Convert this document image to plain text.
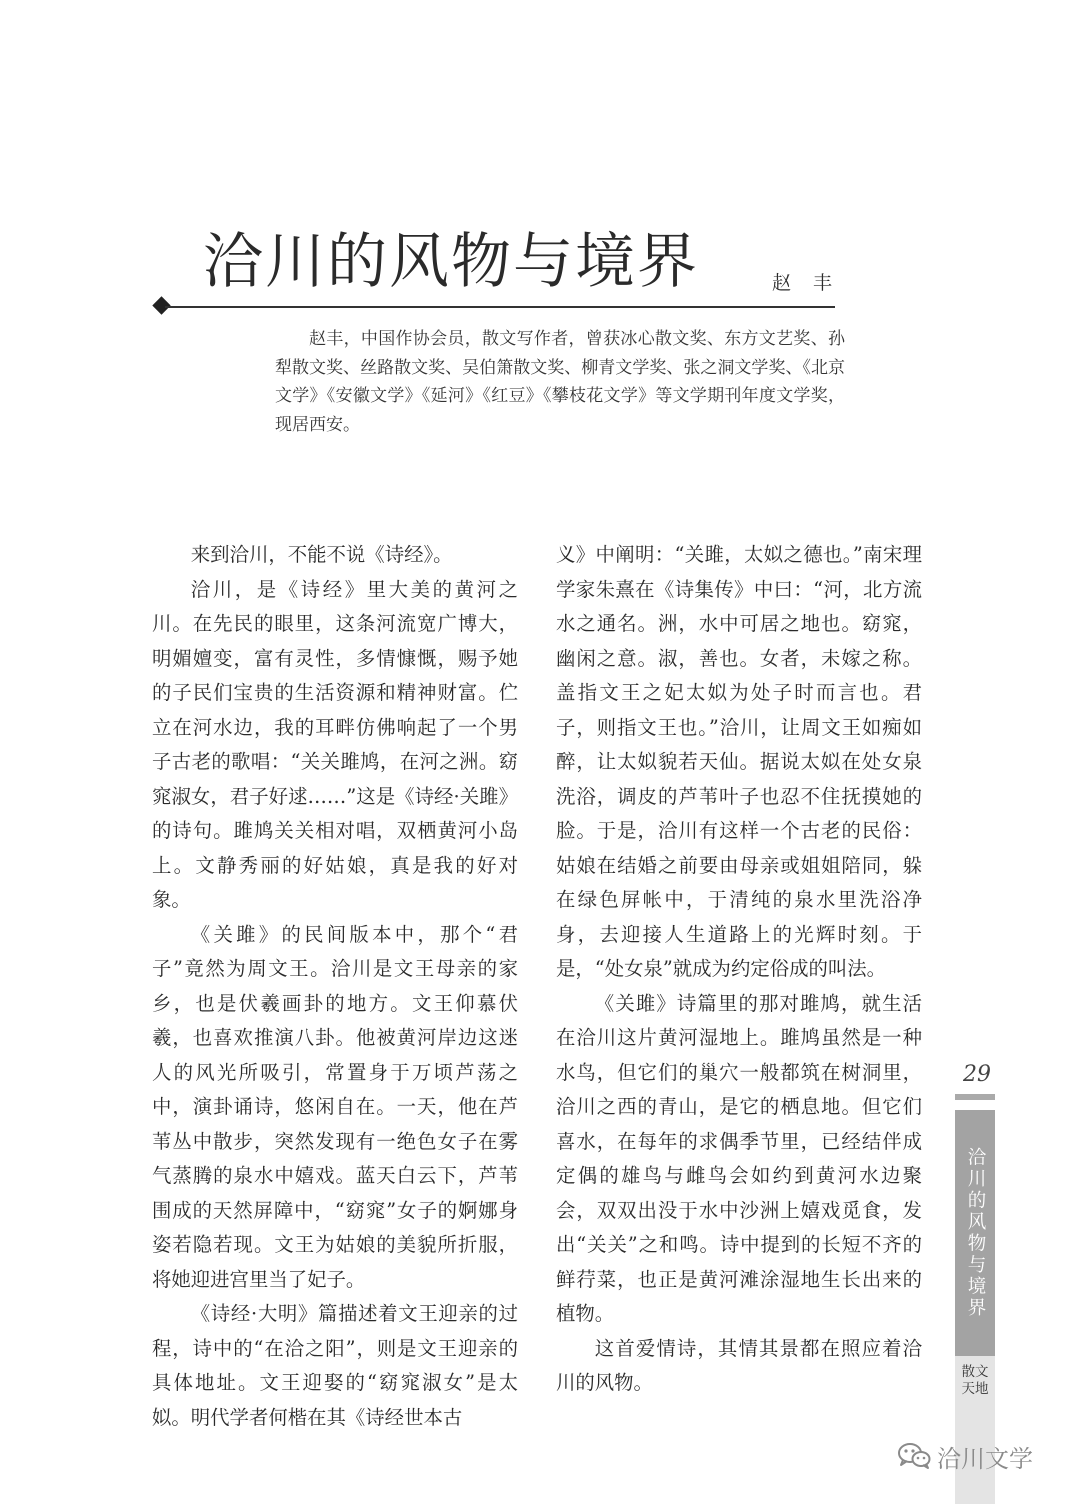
洽川的风物与境界	赵丰

赵丰，中国作协会员，散文写作者，曾获冰心散文奖、东方文艺奖、孙犁散文奖、丝路散文奖、吴伯箫散文奖、柳青文学奖、张之洞文学奖、《北京文学》《安徽文学》《延河》《红豆》《攀枝花文学》等文学期刊年度文学奖，现居西安。

来到洽川，不能不说《诗经》。

洽川，是《诗经》里大美的黄河之川。在先民的眼里，这条河流宽广博大，明媚嬗变，富有灵性，多情慷慨，赐予她的子民们宝贵的生活资源和精神财富。伫立在河水边，我的耳畔仿佛响起了一个男子古老的歌唱：“关关雎鸠，在河之洲。窈窕淑女，君子好逑……”这是《诗经·关雎》的诗句。雎鸠关关相对唱，双栖黄河小岛上。文静秀丽的好姑娘，真是我的好对象。

《关雎》的民间版本中，那个“君子”竟然为周文王。洽川是文王母亲的家乡，也是伏羲画卦的地方。文王仰慕伏羲，也喜欢推演八卦。他被黄河岸边这迷人的风光所吸引，常置身于万顷芦荡之中，演卦诵诗，悠闲自在。一天，他在芦苇丛中散步，突然发现有一绝色女子在雾气蒸腾的泉水中嬉戏。蓝天白云下，芦苇围成的天然屏障中，“窈窕”女子的婀娜身姿若隐若现。文王为姑娘的美貌所折服，将她迎进宫里当了妃子。

《诗经·大明》篇描述着文王迎亲的过程，诗中的“在洽之阳”，则是文王迎亲的具体地址。文王迎娶的“窈窕淑女”是太姒。明代学者何楷在其《诗经世本古

义》中阐明：“关雎，太姒之德也。”南宋理学家朱熹在《诗集传》中曰：“河，北方流水之通名。洲，水中可居之地也。窈窕，幽闲之意。淑，善也。女者，未嫁之称。盖指文王之妃太姒为处子时而言也。君子，则指文王也。”洽川，让周文王如痴如醉，让太姒貌若天仙。据说太姒在处女泉洗浴，调皮的芦苇叶子也忍不住抚摸她的脸。于是，洽川有这样一个古老的民俗：姑娘在结婚之前要由母亲或姐姐陪同，躲在绿色屏帐中，于清纯的泉水里洗浴净身，去迎接人生道路上的光辉时刻。于是，“处女泉”就成为约定俗成的叫法。

《关雎》诗篇里的那对雎鸠，就生活在洽川这片黄河湿地上。雎鸠虽然是一种水鸟，但它们的巢穴一般都筑在树洞里，洽川之西的青山，是它的栖息地。但它们喜水，在每年的求偶季节里，已经结伴成定偶的雄鸟与雌鸟会如约到黄河水边聚会，双双出没于水中沙洲上嬉戏觅食，发出“关关”之和鸣。诗中提到的长短不齐的鲜荇菜，也正是黄河滩涂湿地生长出来的植物。

这首爱情诗，其情其景都在照应着洽川的风物。

29
洽川的风物与境界
散文
天地
洽川文学
